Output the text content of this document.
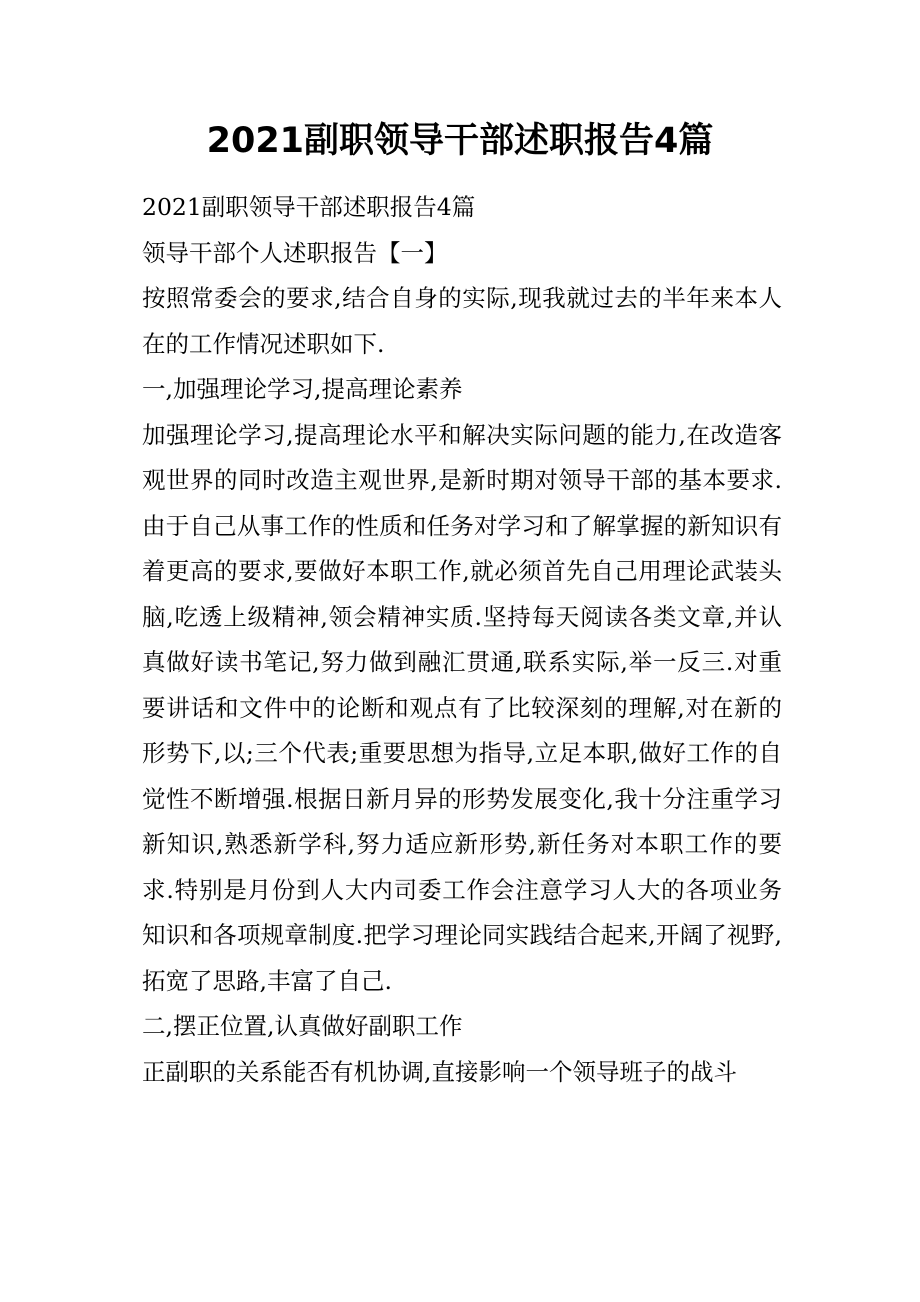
2021副职领导干部述职报告4篇

2021副职领导干部述职报告4篇

领导干部个人述职报告【一】

按照常委会的要求,结合自身的实际,现我就过去的半年来本人在的工作情况述职如下.

一,加强理论学习,提高理论素养

加强理论学习,提高理论水平和解决实际问题的能力,在改造客观世界的同时改造主观世界,是新时期对领导干部的基本要求.由于自己从事工作的性质和任务对学习和了解掌握的新知识有着更高的要求,要做好本职工作,就必须首先自己用理论武装头脑,吃透上级精神,领会精神实质.坚持每天阅读各类文章,并认真做好读书笔记,努力做到融汇贯通,联系实际,举一反三.对重要讲话和文件中的论断和观点有了比较深刻的理解,对在新的形势下,以;三个代表;重要思想为指导,立足本职,做好工作的自觉性不断增强.根据日新月异的形势发展变化,我十分注重学习新知识,熟悉新学科,努力适应新形势,新任务对本职工作的要求.特别是月份到人大内司委工作会注意学习人大的各项业务知识和各项规章制度.把学习理论同实践结合起来,开阔了视野,拓宽了思路,丰富了自己.

二,摆正位置,认真做好副职工作

正副职的关系能否有机协调,直接影响一个领导班子的战斗
